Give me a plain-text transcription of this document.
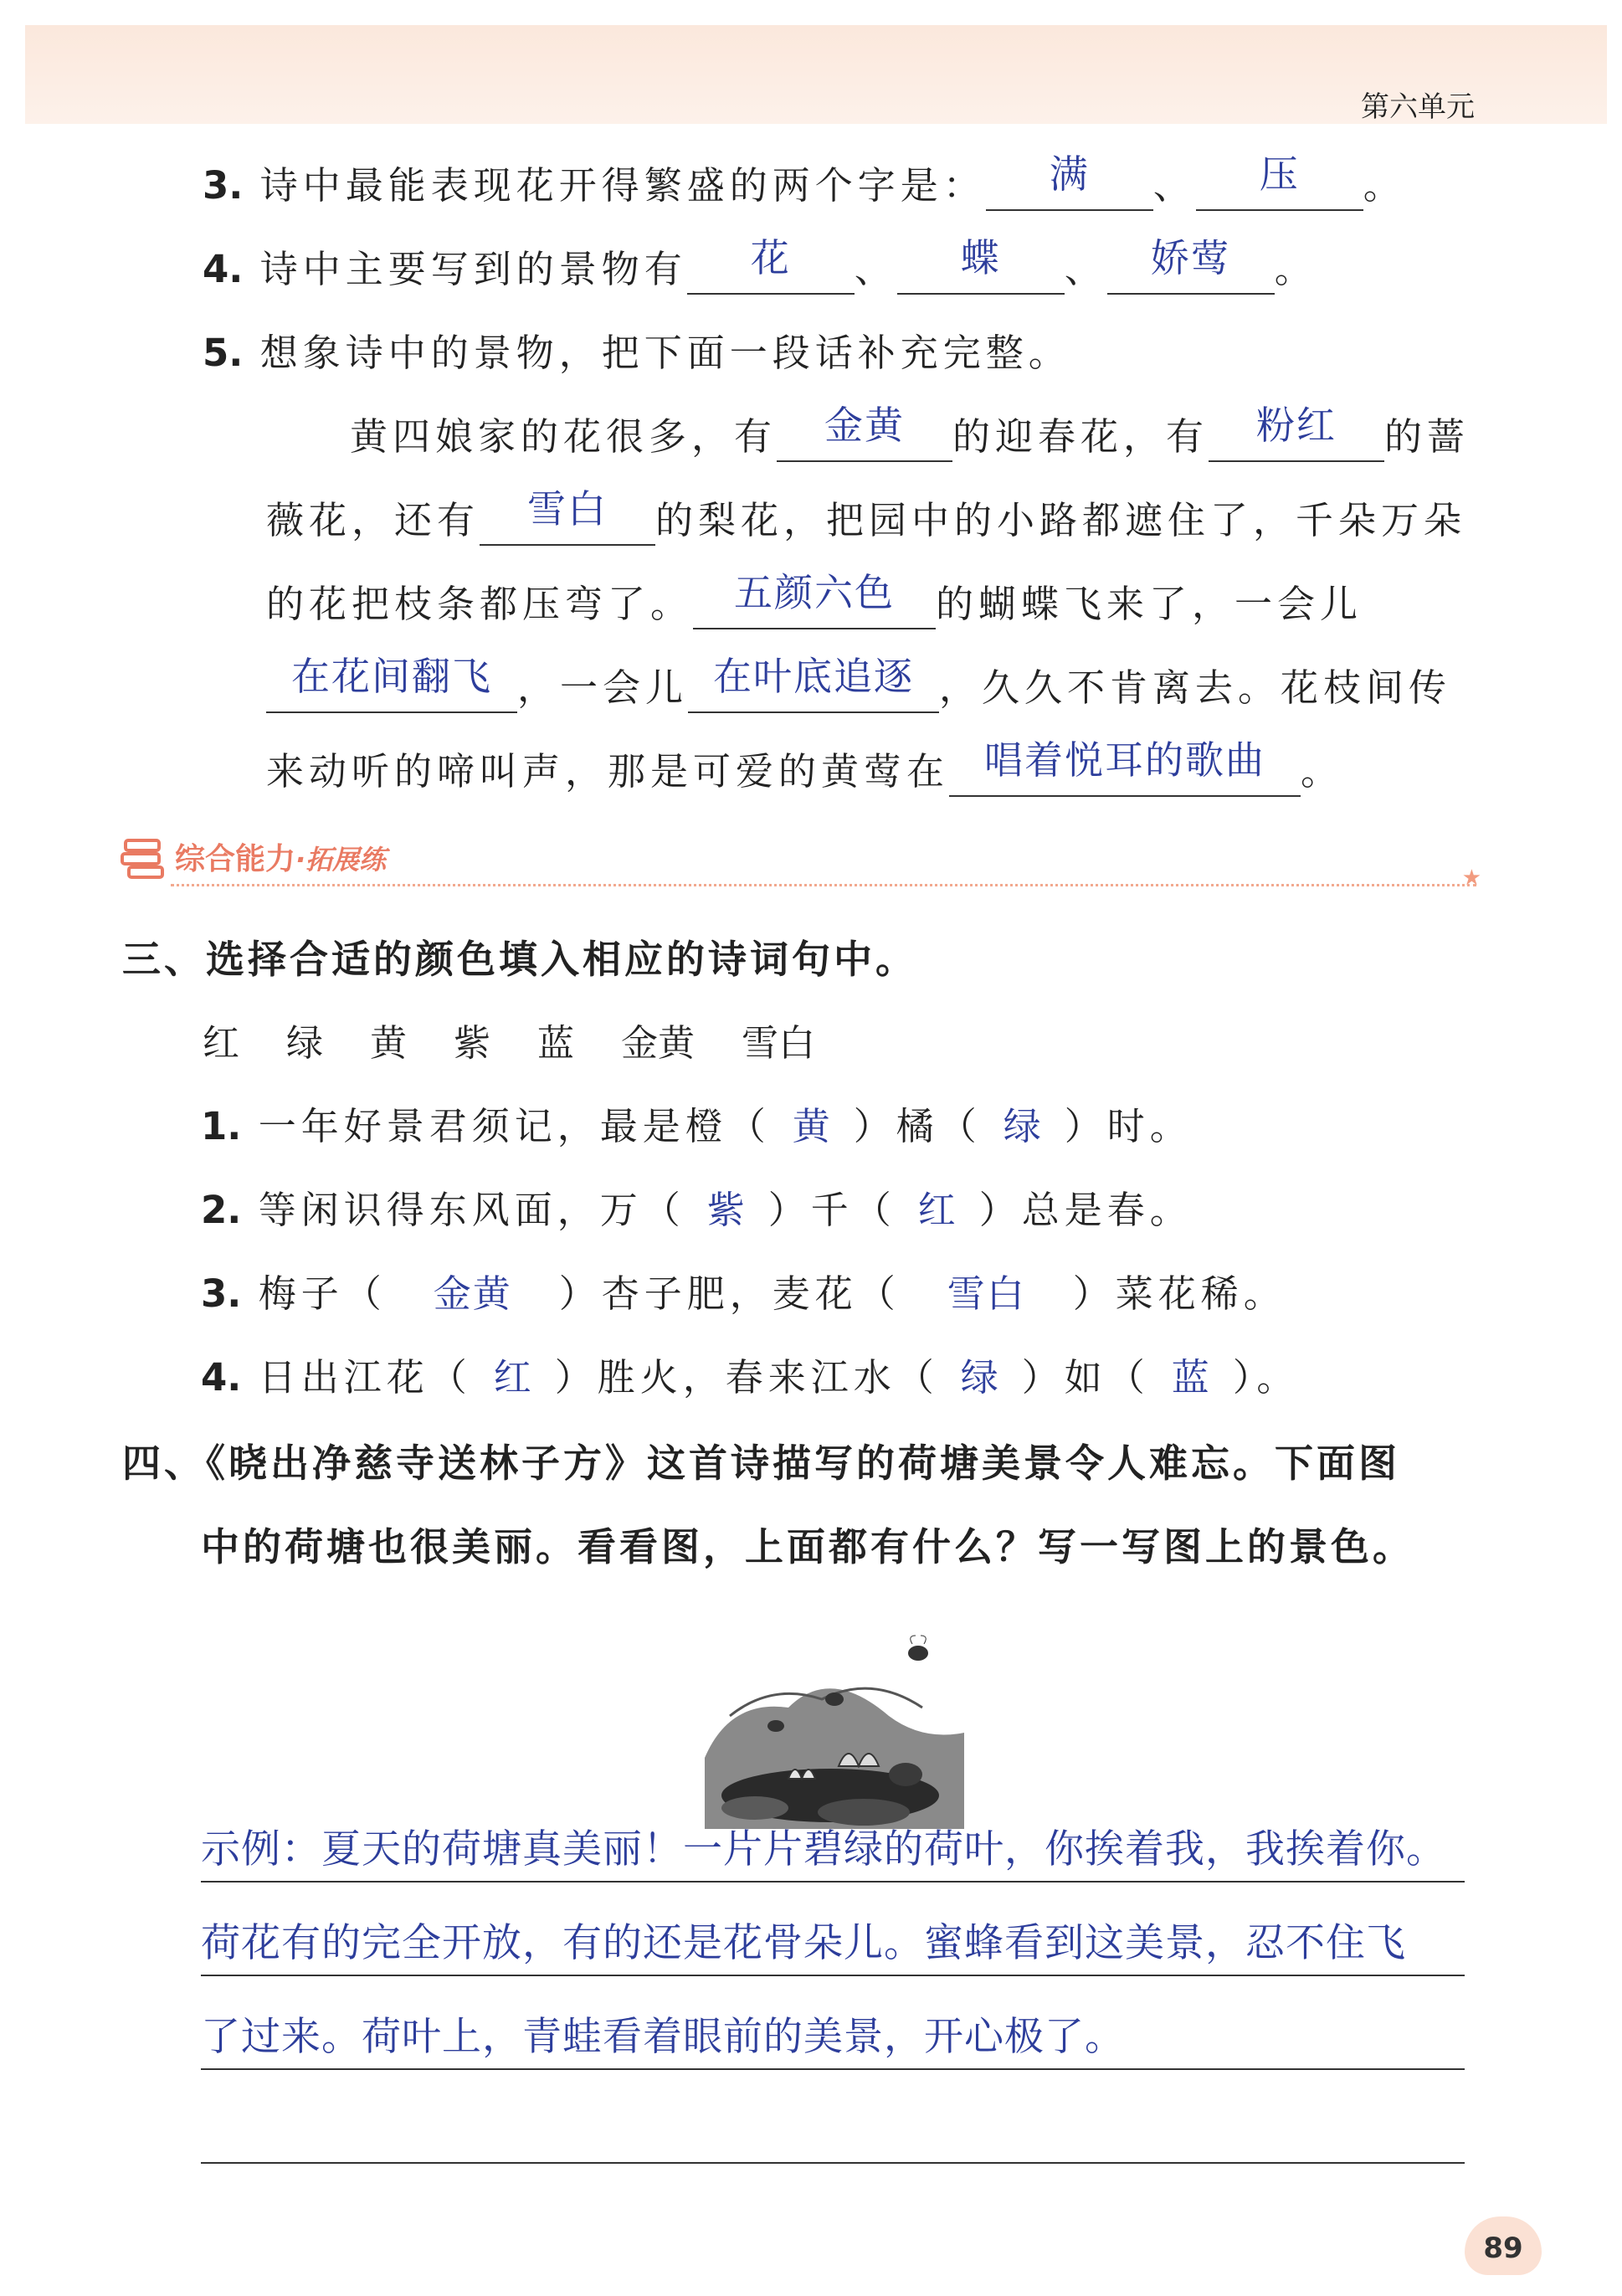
第六单元
3. 诗中最能表现花开得繁盛的两个字是：	满	、	压	。
4. 诗中主要写到的景物有	花	、	蝶	、	娇莺	。
5. 想象诗中的景物，把下面一段话补充完整。
黄四娘家的花很多，有	金黄	的迎春花，有	粉红	的蔷
薇花，还有	雪白	的梨花，把园中的小路都遮住了，千朵万朵
的花把枝条都压弯了。	五颜六色	的蝴蝶飞来了，一会儿
在花间翻飞 ，一会儿 在叶底追逐 ，久久不肯离去。花枝间传
来动听的啼叫声，那是可爱的黄莺在 唱着悦耳的歌曲 。
综合能力·拓展练
★
三、选择合适的颜色填入相应的诗词句中。
红 绿 黄 紫 蓝 金黄 雪白
1. 一年好景君须记，最是橙（ 黄 ）橘（ 绿 ）时。
2. 等闲识得东风面，万（ 紫 ）千（ 红 ）总是春。
3. 梅子（ 金黄 ）杏子肥，麦花（ 雪白 ）菜花稀。
4. 日出江花（ 红 ）胜火，春来江水（ 绿 ）如（ 蓝 ）。
四、《晓出净慈寺送林子方》这首诗描写的荷塘美景令人难忘。下面图
中的荷塘也很美丽。看看图，上面都有什么？写一写图上的景色。
示例：夏天的荷塘真美丽！一片片碧绿的荷叶，你挨着我，我挨着你。
荷花有的完全开放，有的还是花骨朵儿。蜜蜂看到这美景，忍不住飞
了过来。荷叶上，青蛙看着眼前的美景，开心极了。
89
